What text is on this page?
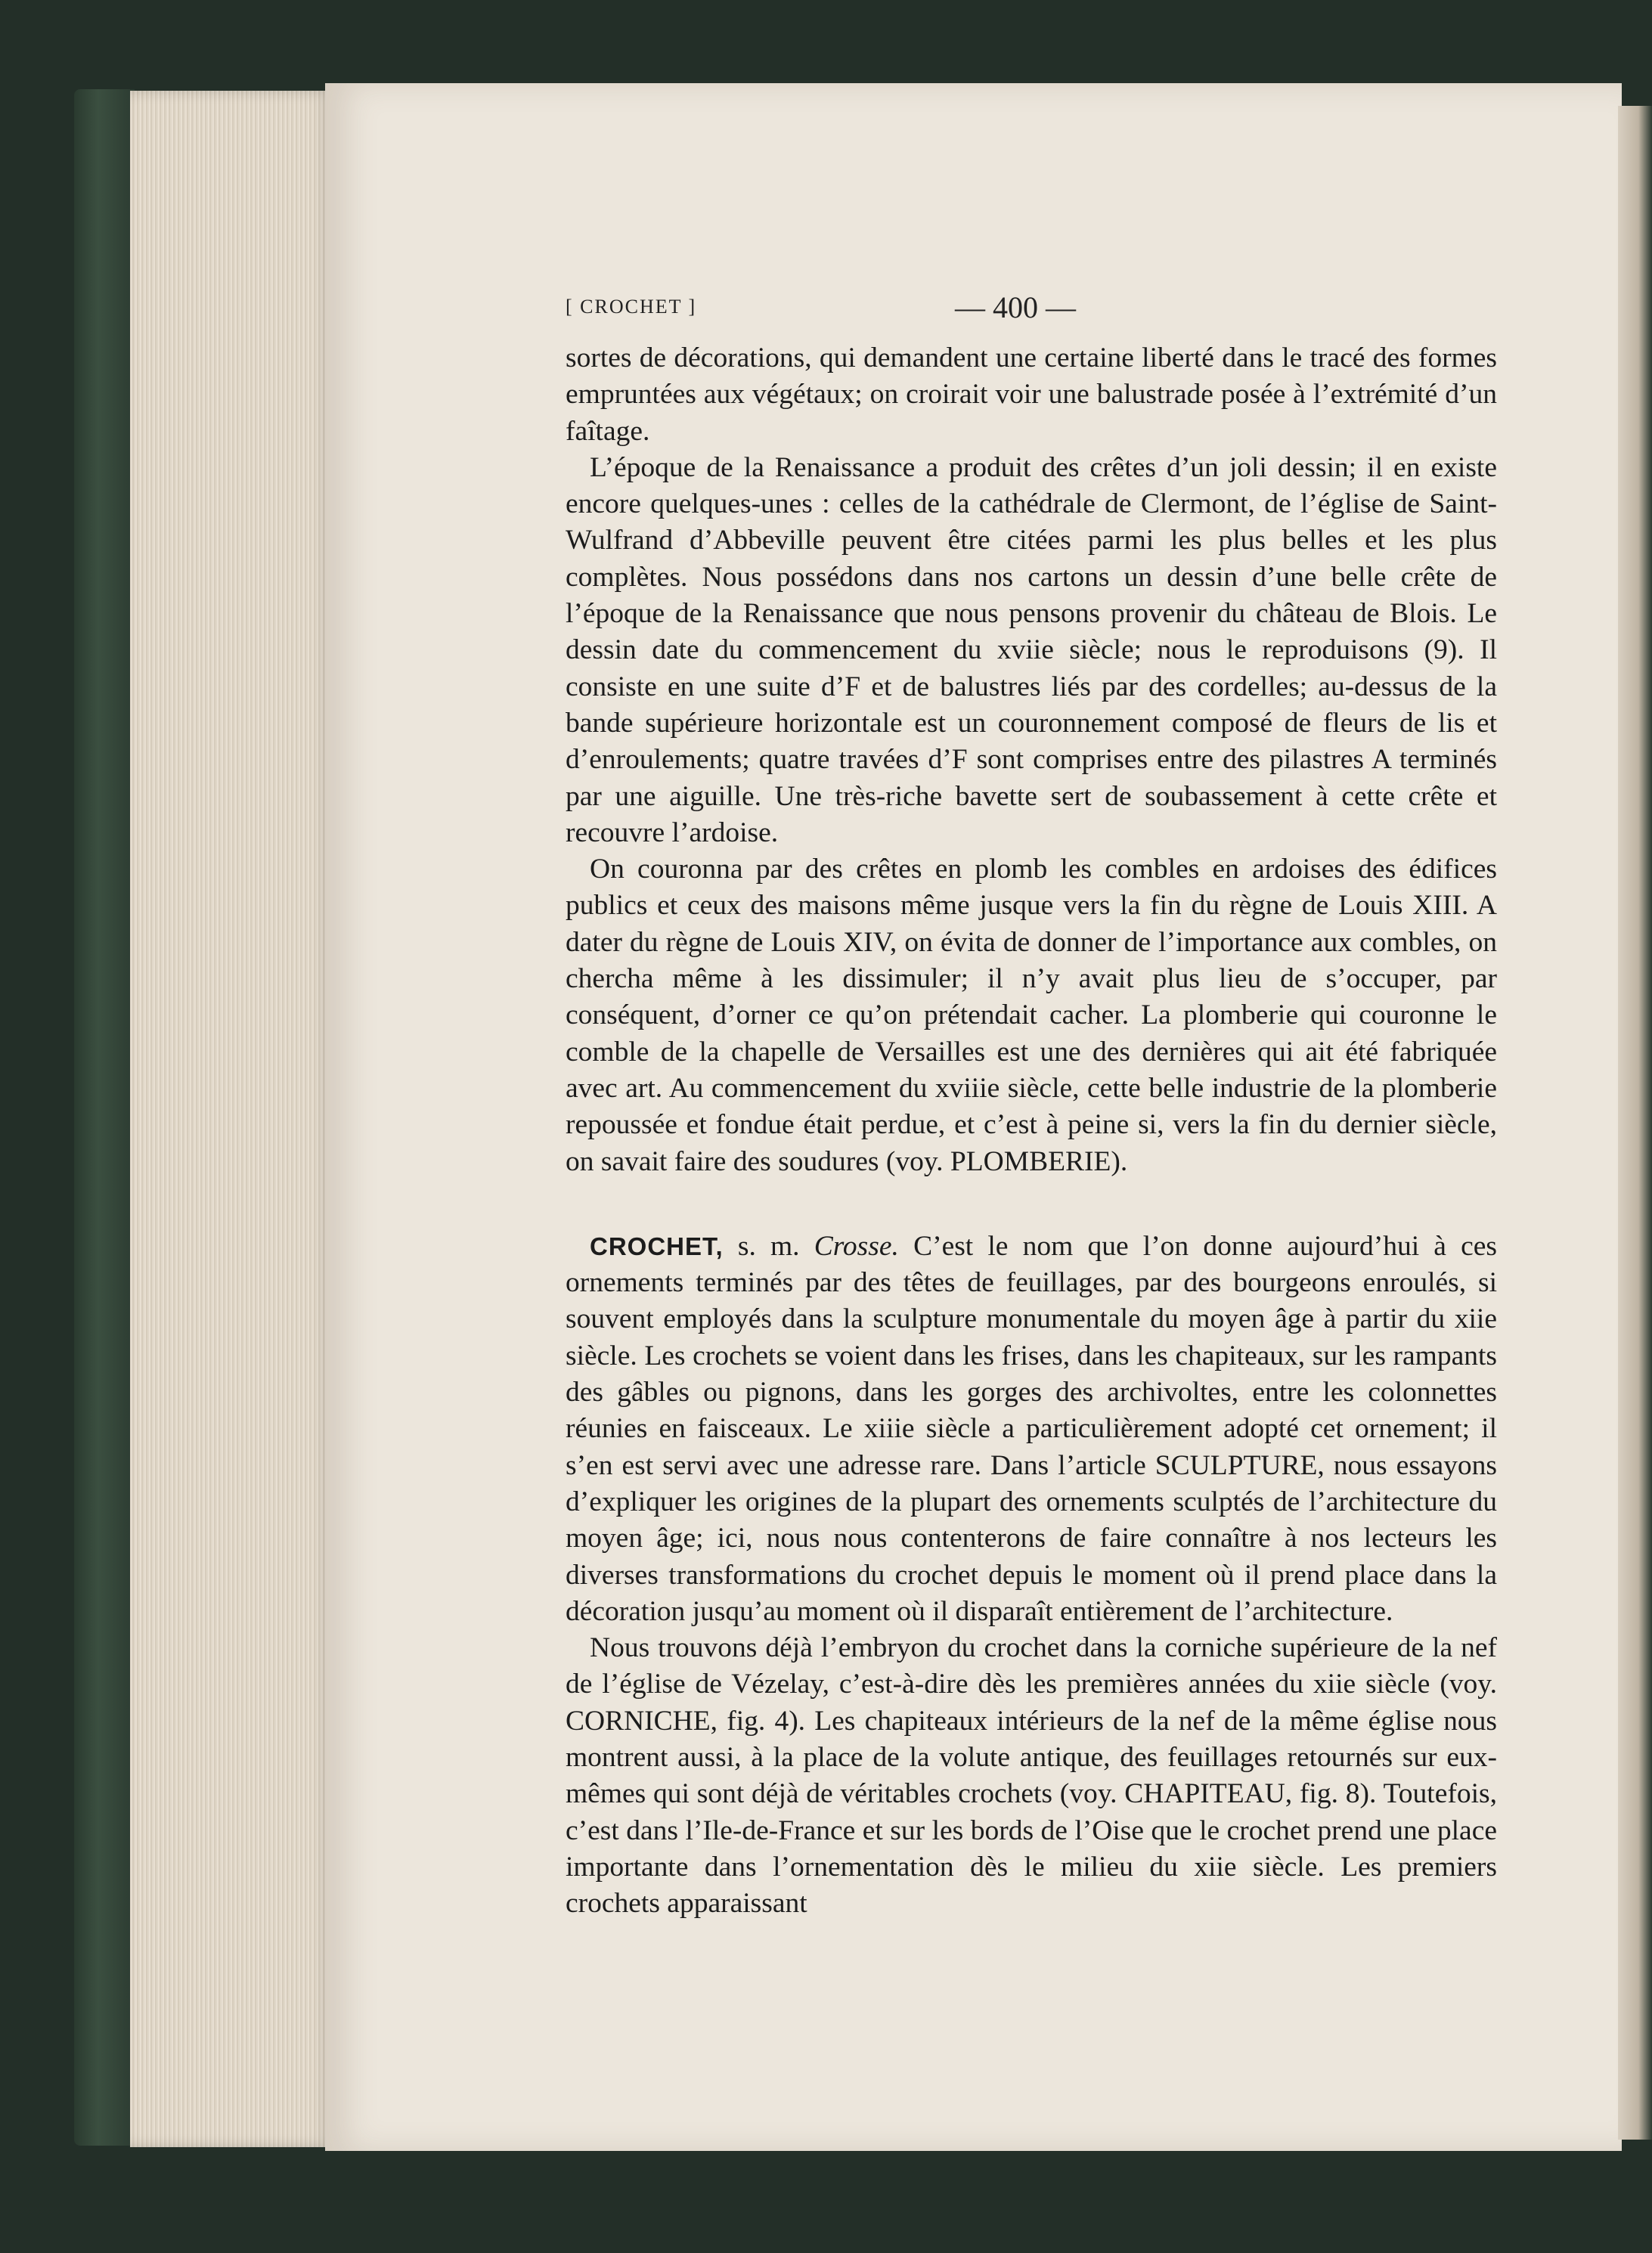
[ CROCHET ]	— 400 —

sortes de décorations, qui demandent une certaine liberté dans le tracé des formes empruntées aux végétaux; on croirait voir une balustrade posée à l’extrémité d’un faîtage.

L’époque de la Renaissance a produit des crêtes d’un joli dessin; il en existe encore quelques-unes : celles de la cathédrale de Clermont, de l’église de Saint-Wulfrand d’Abbeville peuvent être citées parmi les plus belles et les plus complètes. Nous possédons dans nos cartons un dessin d’une belle crête de l’époque de la Renaissance que nous pensons provenir du château de Blois. Le dessin date du commencement du xviie siècle; nous le reproduisons (9). Il consiste en une suite d’F et de balustres liés par des cordelles; au-dessus de la bande supérieure horizontale est un couronnement composé de fleurs de lis et d’enroulements; quatre travées d’F sont comprises entre des pilastres A terminés par une aiguille. Une très-riche bavette sert de soubassement à cette crête et recouvre l’ardoise.

On couronna par des crêtes en plomb les combles en ardoises des édifices publics et ceux des maisons même jusque vers la fin du règne de Louis XIII. A dater du règne de Louis XIV, on évita de donner de l’importance aux combles, on chercha même à les dissimuler; il n’y avait plus lieu de s’occuper, par conséquent, d’orner ce qu’on prétendait cacher. La plomberie qui couronne le comble de la chapelle de Versailles est une des dernières qui ait été fabriquée avec art. Au commencement du xviiie siècle, cette belle industrie de la plomberie repoussée et fondue était perdue, et c’est à peine si, vers la fin du dernier siècle, on savait faire des soudures (voy. PLOMBERIE).

CROCHET, s. m. Crosse. C’est le nom que l’on donne aujourd’hui à ces ornements terminés par des têtes de feuillages, par des bourgeons enroulés, si souvent employés dans la sculpture monumentale du moyen âge à partir du xiie siècle. Les crochets se voient dans les frises, dans les chapiteaux, sur les rampants des gâbles ou pignons, dans les gorges des archivoltes, entre les colonnettes réunies en faisceaux. Le xiiie siècle a particulièrement adopté cet ornement; il s’en est servi avec une adresse rare. Dans l’article SCULPTURE, nous essayons d’expliquer les origines de la plupart des ornements sculptés de l’architecture du moyen âge; ici, nous nous contenterons de faire connaître à nos lecteurs les diverses transformations du crochet depuis le moment où il prend place dans la décoration jusqu’au moment où il disparaît entièrement de l’architecture.

Nous trouvons déjà l’embryon du crochet dans la corniche supérieure de la nef de l’église de Vézelay, c’est-à-dire dès les premières années du xiie siècle (voy. CORNICHE, fig. 4). Les chapiteaux intérieurs de la nef de la même église nous montrent aussi, à la place de la volute antique, des feuillages retournés sur eux-mêmes qui sont déjà de véritables crochets (voy. CHAPITEAU, fig. 8). Toutefois, c’est dans l’Ile-de-France et sur les bords de l’Oise que le crochet prend une place importante dans l’ornementation dès le milieu du xiie siècle. Les premiers crochets apparaissant
